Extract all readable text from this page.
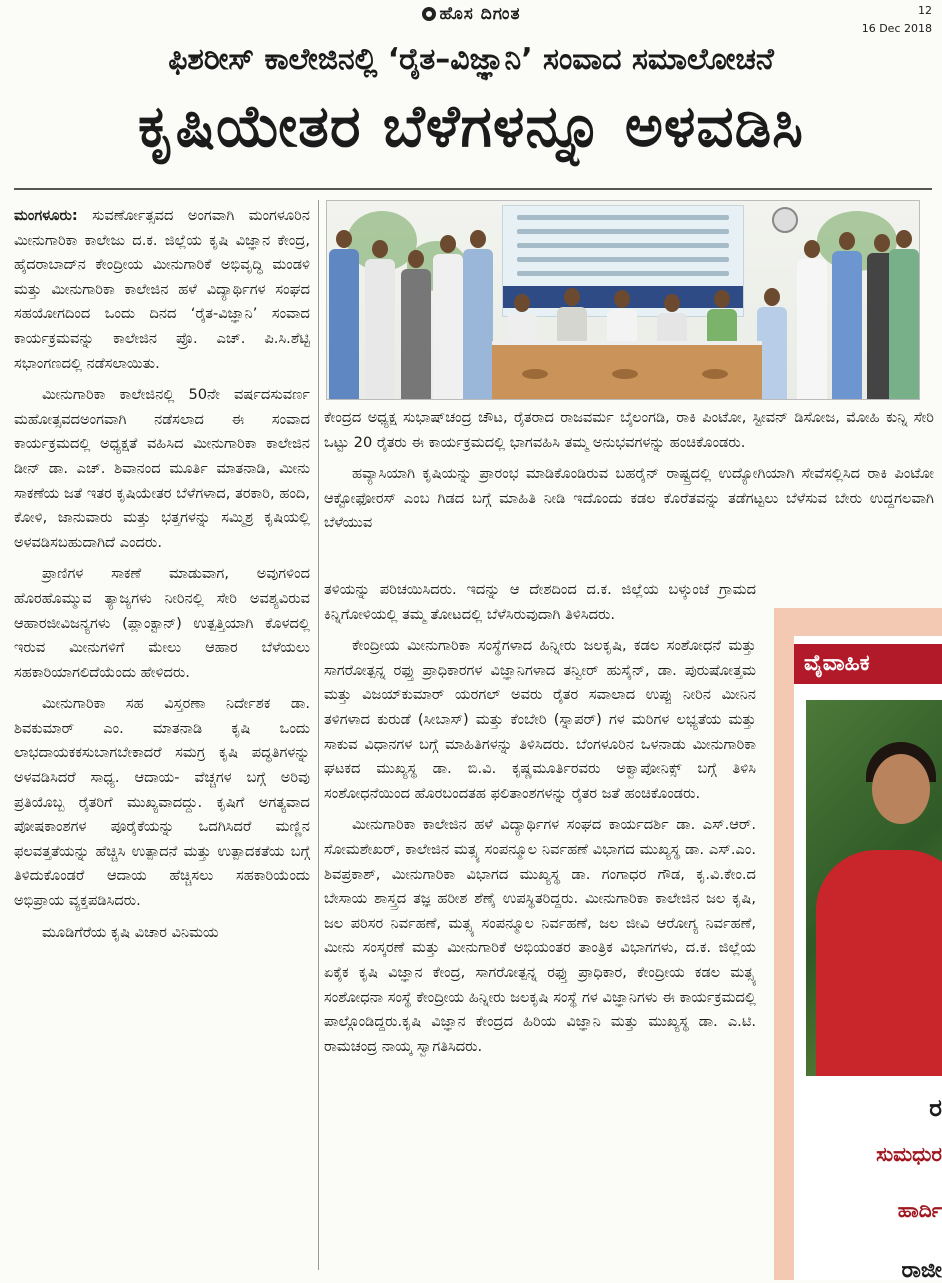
ಹೊಸ ದಿಗಂತ	12
16 Dec 2018
ಫಿಶರೀಸ್ ಕಾಲೇಜಿನಲ್ಲಿ ‘ರೈತ–ವಿಜ್ಞಾನಿ’ ಸಂವಾದ ಸಮಾಲೋಚನೆ
ಕೃಷಿಯೇತರ ಬೆಳೆಗಳನ್ನೂ ಅಳವಡಿಸಿ

ಮಂಗಳೂರು: ಸುವರ್ಣೋತ್ಸವದ ಅಂಗವಾಗಿ ಮಂಗಳೂರಿನ ಮೀನುಗಾರಿಕಾ ಕಾಲೇಜು ದ.ಕ. ಜಿಲ್ಲೆಯ ಕೃಷಿ ವಿಜ್ಞಾನ ಕೇಂದ್ರ, ಹೈದರಾಬಾದ್‌ನ ಕೇಂದ್ರೀಯ ಮೀನುಗಾರಿಕೆ ಅಭಿವೃದ್ಧಿ ಮಂಡಳಿ ಮತ್ತು ಮೀನುಗಾರಿಕಾ ಕಾಲೇಜಿನ ಹಳೆ ವಿದ್ಯಾರ್ಥಿಗಳ ಸಂಘದ ಸಹಯೋಗದಿಂದ ಒಂದು ದಿನದ ‘ರೈತ-ವಿಜ್ಞಾನಿ’ ಸಂವಾದ ಕಾರ್ಯಕ್ರಮವನ್ನು ಕಾಲೇಜಿನ ಪ್ರೊ. ಎಚ್. ಪಿ.ಸಿ.ಶೆಟ್ಟಿ ಸಭಾಂಗಣದಲ್ಲಿ ನಡೆಸಲಾಯಿತು.

ಮೀನುಗಾರಿಕಾ ಕಾಲೇಜಿನಲ್ಲಿ 50ನೇ ವರ್ಷದಸುವರ್ಣ ಮಹೋತ್ಸವದಅಂಗವಾಗಿ ನಡೆಸಲಾದ ಈ ಸಂವಾದ ಕಾರ್ಯಕ್ರಮದಲ್ಲಿ ಅಧ್ಯಕ್ಷತೆ ವಹಿಸಿದ ಮೀನುಗಾರಿಕಾ ಕಾಲೇಜಿನ ಡೀನ್ ಡಾ. ಎಚ್. ಶಿವಾನಂದ ಮೂರ್ತಿ ಮಾತನಾಡಿ, ಮೀನು ಸಾಕಣೆಯ ಜತೆ ಇತರ ಕೃಷಿಯೇತರ ಬೆಳೆಗಳಾದ, ತರಕಾರಿ, ಹಂದಿ, ಕೋಳಿ, ಜಾನುವಾರು ಮತ್ತು ಭತ್ತಗಳನ್ನು ಸಮ್ಮಿಶ್ರ ಕೃಷಿಯಲ್ಲಿ ಅಳವಡಿಸಬಹುದಾಗಿದೆ ಎಂದರು.

ಪ್ರಾಣಿಗಳ ಸಾಕಣೆ ಮಾಡುವಾಗ, ಅವುಗಳಿಂದ ಹೊರಹೊಮ್ಮುವ ತ್ಯಾಜ್ಯಗಳು ನೀರಿನಲ್ಲಿ ಸೇರಿ ಅವಶ್ಯವಿರುವ ಆಹಾರಜೀವಿಜನ್ಯಗಳು (ಪ್ಲಾಂಕ್ಟಾನ್) ಉತ್ಪತ್ತಿಯಾಗಿ ಕೊಳದಲ್ಲಿ ಇರುವ ಮೀನುಗಳಿಗೆ ಮೇಲು ಆಹಾರ ಬೆಳೆಯಲು ಸಹಕಾರಿಯಾಗಲಿದೆಯೆಂದು ಹೇಳಿದರು.

ಮೀನುಗಾರಿಕಾ ಸಹ ವಿಸ್ತರಣಾ ನಿರ್ದೇಶಕ ಡಾ. ಶಿವಕುಮಾರ್ ಎಂ. ಮಾತನಾಡಿ ಕೃಷಿ ಒಂದು ಲಾಭದಾಯಕಕಸುಬಾಗಬೇಕಾದರೆ ಸಮಗ್ರ ಕೃಷಿ ಪದ್ಧತಿಗಳನ್ನು ಅಳವಡಿಸಿದರೆ ಸಾಧ್ಯ. ಆದಾಯ- ವೆಚ್ಚಗಳ ಬಗ್ಗೆ ಅರಿವು ಪ್ರತಿಯೊಬ್ಬ ರೈತರಿಗೆ ಮುಖ್ಯವಾದದ್ದು. ಕೃಷಿಗೆ ಅಗತ್ಯವಾದ ಪೋಷಕಾಂಶಗಳ ಪೂರೈಕೆಯನ್ನು ಒದಗಿಸಿದರೆ ಮಣ್ಣಿನ ಫಲವತ್ತತೆಯನ್ನು ಹೆಚ್ಚಿಸಿ ಉತ್ಪಾದನೆ ಮತ್ತು ಉತ್ಪಾದಕತೆಯ ಬಗ್ಗೆ ತಿಳಿದುಕೊಂಡರೆ ಆದಾಯ ಹೆಚ್ಚಿಸಲು ಸಹಕಾರಿಯೆಂದು ಅಭಿಪ್ರಾಯ ವ್ಯಕ್ತಪಡಿಸಿದರು.

ಮೂಡಿಗೆರೆಯ ಕೃಷಿ ವಿಚಾರ ವಿನಿಮಯ

ಕೇಂದ್ರದ ಅಧ್ಯಕ್ಷ ಸುಭಾಷ್‌ಚಂದ್ರ ಚೌಟ, ರೈತರಾದ ರಾಜವರ್ಮ ಬೈಲಂಗಡಿ, ರಾಕಿ ಪಿಂಟೋ, ಸ್ಟೀವನ್ ಡಿಸೋಜ, ಮೋಹಿ ಕುನ್ನಿ ಸೇರಿ ಒಟ್ಟು 20 ರೈತರು ಈ ಕಾರ್ಯಕ್ರಮದಲ್ಲಿ ಭಾಗವಹಿಸಿ ತಮ್ಮ ಅನುಭವಗಳನ್ನು ಹಂಚಿಕೊಂಡರು.

ಹವ್ಯಾಸಿಯಾಗಿ ಕೃಷಿಯನ್ನು ಪ್ರಾರಂಭ ಮಾಡಿಕೊಂಡಿರುವ ಬಹರೈನ್ ರಾಷ್ಟ್ರದಲ್ಲಿ ಉದ್ಯೋಗಿಯಾಗಿ ಸೇವೆಸಲ್ಲಿಸಿದ ರಾಕಿ ಪಿಂಟೋ ಆಕ್ಟೋಫೋರಸ್ ಎಂಬ ಗಿಡದ ಬಗ್ಗೆ ಮಾಹಿತಿ ನೀಡಿ ಇದೊಂದು ಕಡಲ ಕೊರೆತವನ್ನು ತಡೆಗಟ್ಟಲು ಬೆಳೆಸುವ ಬೇರು ಉದ್ದಗಲವಾಗಿ ಬೆಳೆಯುವ

ತಳಿಯನ್ನು ಪರಿಚಯಿಸಿದರು. ಇದನ್ನು ಆ ದೇಶದಿಂದ ದ.ಕ. ಜಿಲ್ಲೆಯ ಬಳ್ಕುಂಜೆ ಗ್ರಾಮದ ಕಿನ್ನಿಗೋಳಿಯಲ್ಲಿ ತಮ್ಮ ತೋಟದಲ್ಲಿ ಬೆಳೆಸಿರುವುದಾಗಿ ತಿಳಿಸಿದರು.

ಕೇಂದ್ರೀಯ ಮೀನುಗಾರಿಕಾ ಸಂಸ್ಥೆಗಳಾದ ಹಿನ್ನೀರು ಜಲಕೃಷಿ, ಕಡಲ ಸಂಶೋಧನೆ ಮತ್ತು ಸಾಗರೋತ್ಪನ್ನ ರಫ್ತು ಪ್ರಾಧಿಕಾರಗಳ ವಿಜ್ಞಾನಿಗಳಾದ ತನ್ವೀರ್ ಹುಸೈನ್, ಡಾ. ಪುರುಷೋತ್ತಮ ಮತ್ತು ವಿಜಯ್‌ಕುಮಾರ್ ಯರಗಲ್ ಅವರು ರೈತರ ಸವಾಲಾದ ಉಪ್ಪು ನೀರಿನ ಮೀನಿನ ತಳಿಗಳಾದ ಕುರುಡೆ (ಸೀಬಾಸ್) ಮತ್ತು ಕೆಂಬೇರಿ (ಸ್ನಾಪರ್) ಗಳ ಮರಿಗಳ ಲಭ್ಯತೆಯ ಮತ್ತು ಸಾಕುವ ವಿಧಾನಗಳ ಬಗ್ಗೆ ಮಾಹಿತಿಗಳನ್ನು ತಿಳಿಸಿದರು. ಬೆಂಗಳೂರಿನ ಒಳನಾಡು ಮೀನುಗಾರಿಕಾ ಘಟಕದ ಮುಖ್ಯಸ್ಥ ಡಾ. ಬಿ.ವಿ. ಕೃಷ್ಣಮೂರ್ತಿರವರು ಅಕ್ವಾಪೋನಿಕ್ಸ್ ಬಗ್ಗೆ ತಿಳಿಸಿ ಸಂಶೋಧನೆಯಿಂದ ಹೊರಬಂದತಹ ಫಲಿತಾಂಶಗಳನ್ನು ರೈತರ ಜತೆ ಹಂಚಿಕೊಂಡರು.

ಮೀನುಗಾರಿಕಾ ಕಾಲೇಜಿನ ಹಳೆ ವಿದ್ಯಾರ್ಥಿಗಳ ಸಂಘದ ಕಾರ್ಯದರ್ಶಿ ಡಾ. ಎಸ್.ಆರ್. ಸೋಮಶೇಖರ್, ಕಾಲೇಜಿನ ಮತ್ಸ್ಯ ಸಂಪನ್ಮೂಲ ನಿರ್ವಹಣೆ ವಿಭಾಗದ ಮುಖ್ಯಸ್ಥ ಡಾ. ಎಸ್.ಎಂ. ಶಿವಪ್ರಕಾಶ್, ಮೀನುಗಾರಿಕಾ ವಿಭಾಗದ ಮುಖ್ಯಸ್ಥ ಡಾ. ಗಂಗಾಧರ ಗೌಡ, ಕೃ.ವಿ.ಕೇಂ.ದ ಬೇಸಾಯ ಶಾಸ್ತ್ರದ ತಜ್ಞ ಹರೀಶ ಶೆಣೈ ಉಪಸ್ಥಿತರಿದ್ದರು. ಮೀನುಗಾರಿಕಾ ಕಾಲೇಜಿನ ಜಲ ಕೃಷಿ, ಜಲ ಪರಿಸರ ನಿರ್ವಹಣೆ, ಮತ್ಸ್ಯ ಸಂಪನ್ಮೂಲ ನಿರ್ವಹಣೆ, ಜಲ ಜೀವಿ ಆರೋಗ್ಯ ನಿರ್ವಹಣೆ, ಮೀನು ಸಂಸ್ಕರಣೆ ಮತ್ತು ಮೀನುಗಾರಿಕೆ ಅಭಿಯಂತರ ತಾಂತ್ರಿಕ ವಿಭಾಗಗಳು, ದ.ಕ. ಜಿಲ್ಲೆಯ ಏಕೈಕ ಕೃಷಿ ವಿಜ್ಞಾನ ಕೇಂದ್ರ, ಸಾಗರೋತ್ಪನ್ನ ರಫ್ತು ಪ್ರಾಧಿಕಾರ, ಕೇಂದ್ರೀಯ ಕಡಲ ಮತ್ಸ್ಯ ಸಂಶೋಧನಾ ಸಂಸ್ಥೆ ಕೇಂದ್ರೀಯ ಹಿನ್ನೀರು ಜಲಕೃಷಿ ಸಂಸ್ಥೆ ಗಳ ವಿಜ್ಞಾನಿಗಳು ಈ ಕಾರ್ಯಕ್ರಮದಲ್ಲಿ ಪಾಲ್ಗೊಂಡಿದ್ದರು.ಕೃಷಿ ವಿಜ್ಞಾನ ಕೇಂದ್ರದ ಹಿರಿಯ ವಿಜ್ಞಾನಿ ಮತ್ತು ಮುಖ್ಯಸ್ಥ ಡಾ. ಎ.ಟಿ. ರಾಮಚಂದ್ರ ನಾಯ್ಕ ಸ್ವಾಗತಿಸಿದರು.

ವೈವಾಹಿಕ
ರ
ಸುಮಧುರ
ಹಾರ್ದಿ
ರಾಜೀ
